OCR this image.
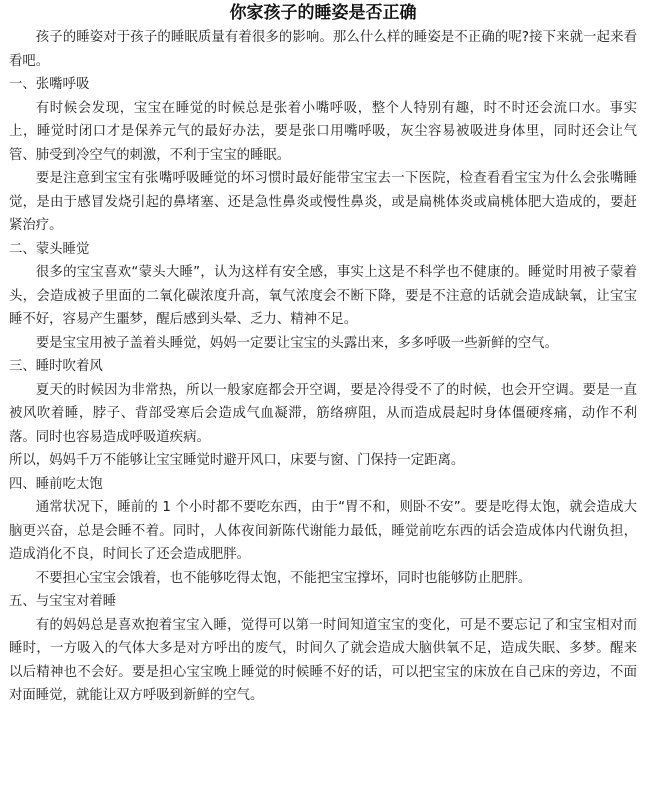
你家孩子的睡姿是否正确

孩子的睡姿对于孩子的睡眠质量有着很多的影响。那么什么样的睡姿是不正确的呢?接下来就一起来看看吧。

一、张嘴呼吸

有时候会发现，宝宝在睡觉的时候总是张着小嘴呼吸，整个人特别有趣，时不时还会流口水。事实上，睡觉时闭口才是保养元气的最好办法，要是张口用嘴呼吸，灰尘容易被吸进身体里，同时还会让气管、肺受到冷空气的刺激，不利于宝宝的睡眠。

要是注意到宝宝有张嘴呼吸睡觉的坏习惯时最好能带宝宝去一下医院，检查看看宝宝为什么会张嘴睡觉，是由于感冒发烧引起的鼻堵塞、还是急性鼻炎或慢性鼻炎，或是扁桃体炎或扁桃体肥大造成的，要赶紧治疗。

二、蒙头睡觉

很多的宝宝喜欢“蒙头大睡”，认为这样有安全感，事实上这是不科学也不健康的。睡觉时用被子蒙着头，会造成被子里面的二氧化碳浓度升高，氧气浓度会不断下降，要是不注意的话就会造成缺氧，让宝宝睡不好，容易产生噩梦，醒后感到头晕、乏力、精神不足。

要是宝宝用被子盖着头睡觉，妈妈一定要让宝宝的头露出来，多多呼吸一些新鲜的空气。

三、睡时吹着风

夏天的时候因为非常热，所以一般家庭都会开空调，要是冷得受不了的时候，也会开空调。要是一直被风吹着睡，脖子、背部受寒后会造成气血凝滞，筋络痹阻，从而造成晨起时身体僵硬疼痛，动作不利落。同时也容易造成呼吸道疾病。

所以，妈妈千万不能够让宝宝睡觉时避开风口，床要与窗、门保持一定距离。

四、睡前吃太饱

通常状况下，睡前的 1 个小时都不要吃东西，由于“胃不和，则卧不安”。要是吃得太饱，就会造成大脑更兴奋，总是会睡不着。同时，人体夜间新陈代谢能力最低，睡觉前吃东西的话会造成体内代谢负担，造成消化不良，时间长了还会造成肥胖。

不要担心宝宝会饿着，也不能够吃得太饱，不能把宝宝撑坏，同时也能够防止肥胖。

五、与宝宝对着睡

有的妈妈总是喜欢抱着宝宝入睡，觉得可以第一时间知道宝宝的变化，可是不要忘记了和宝宝相对而睡时，一方吸入的气体大多是对方呼出的废气，时间久了就会造成大脑供氧不足，造成失眠、多梦。醒来以后精神也不会好。要是担心宝宝晚上睡觉的时候睡不好的话，可以把宝宝的床放在自己床的旁边，不面对面睡觉，就能让双方呼吸到新鲜的空气。
